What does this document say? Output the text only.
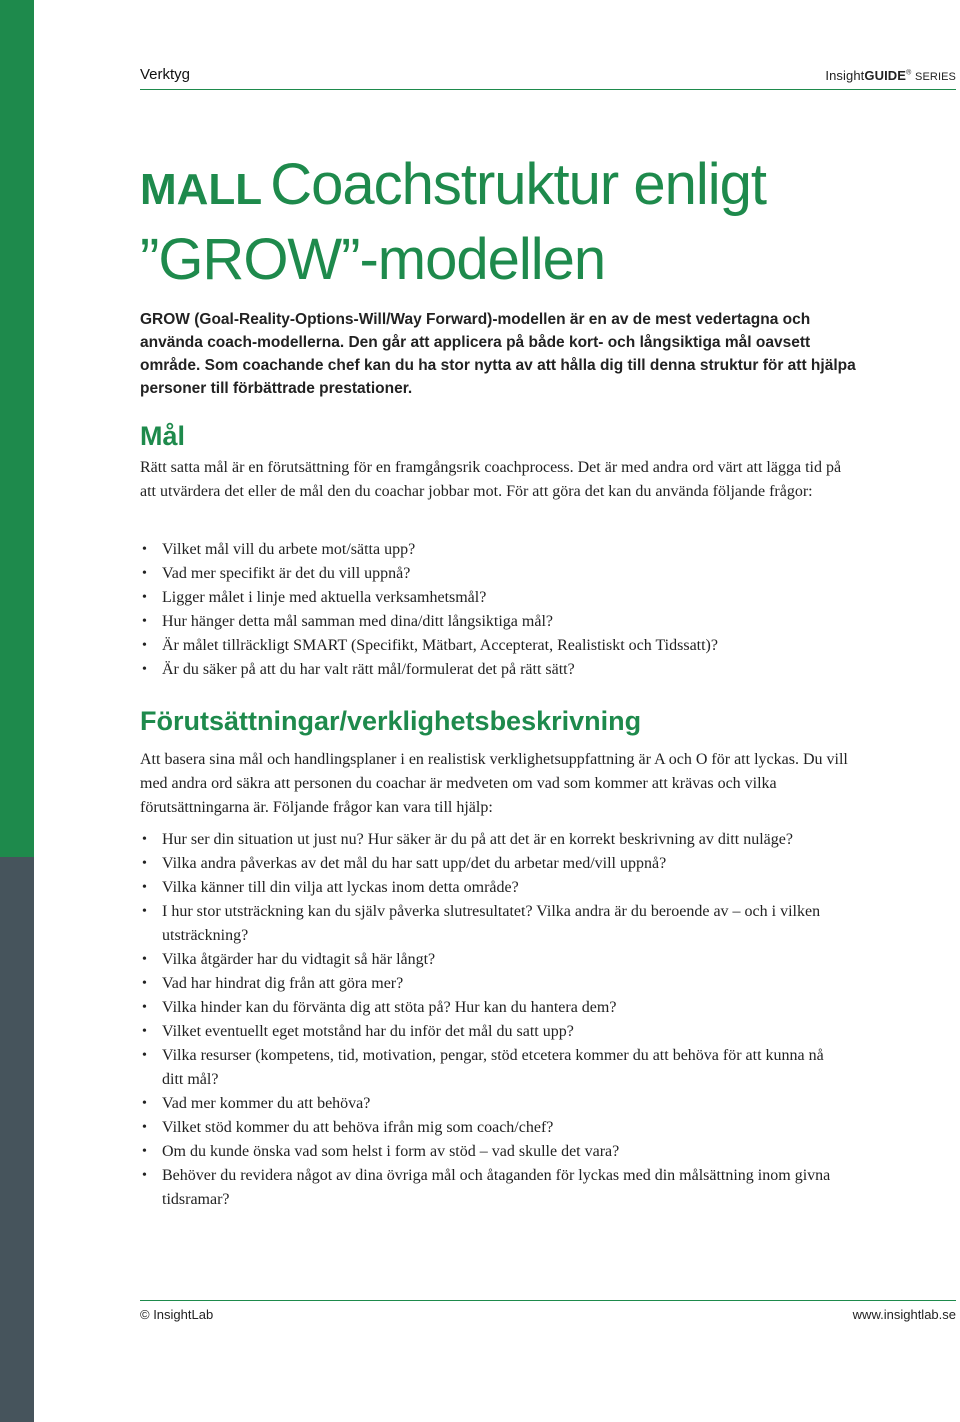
Verktyg	InsightGUIDE® SERIES
MALL Coachstruktur enligt
”GROW”-modellen

GROW (Goal-Reality-Options-Will/Way Forward)-modellen är en av de mest vedertagna och använda coach-modellerna. Den går att applicera på både kort- och långsiktiga mål oavsett område. Som coachande chef kan du ha stor nytta av att hålla dig till denna struktur för att hjälpa personer till förbättrade prestationer.

Mål

Rätt satta mål är en förutsättning för en framgångsrik coachprocess. Det är med andra ord värt att lägga tid på att utvärdera det eller de mål den du coachar jobbar mot. För att göra det kan du använda följande frågor:

• Vilket mål vill du arbete mot/sätta upp?
• Vad mer specifikt är det du vill uppnå?
• Ligger målet i linje med aktuella verksamhetsmål?
• Hur hänger detta mål samman med dina/ditt långsiktiga mål?
• Är målet tillräckligt SMART (Specifikt, Mätbart, Accepterat, Realistiskt och Tidssatt)?
• Är du säker på att du har valt rätt mål/formulerat det på rätt sätt?
Förutsättningar/verklighetsbeskrivning

Att basera sina mål och handlingsplaner i en realistisk verklighetsuppfattning är A och O för att lyckas. Du vill med andra ord säkra att personen du coachar är medveten om vad som kommer att krävas och vilka förutsättningarna är. Följande frågor kan vara till hjälp:

• Hur ser din situation ut just nu? Hur säker är du på att det är en korrekt beskrivning av ditt nuläge?
• Vilka andra påverkas av det mål du har satt upp/det du arbetar med/vill uppnå?
• Vilka känner till din vilja att lyckas inom detta område?
• I hur stor utsträckning kan du själv påverka slutresultatet? Vilka andra är du beroende av – och i vilken utsträckning?
• Vilka åtgärder har du vidtagit så här långt?
• Vad har hindrat dig från att göra mer?
• Vilka hinder kan du förvänta dig att stöta på? Hur kan du hantera dem?
• Vilket eventuellt eget motstånd har du inför det mål du satt upp?
• Vilka resurser (kompetens, tid, motivation, pengar, stöd etcetera kommer du att behöva för att kunna nå ditt mål?
• Vad mer kommer du att behöva?
• Vilket stöd kommer du att behöva ifrån mig som coach/chef?
• Om du kunde önska vad som helst i form av stöd – vad skulle det vara?
• Behöver du revidera något av dina övriga mål och åtaganden för lyckas med din målsättning inom givna tidsramar?
© InsightLab	www.insightlab.se
